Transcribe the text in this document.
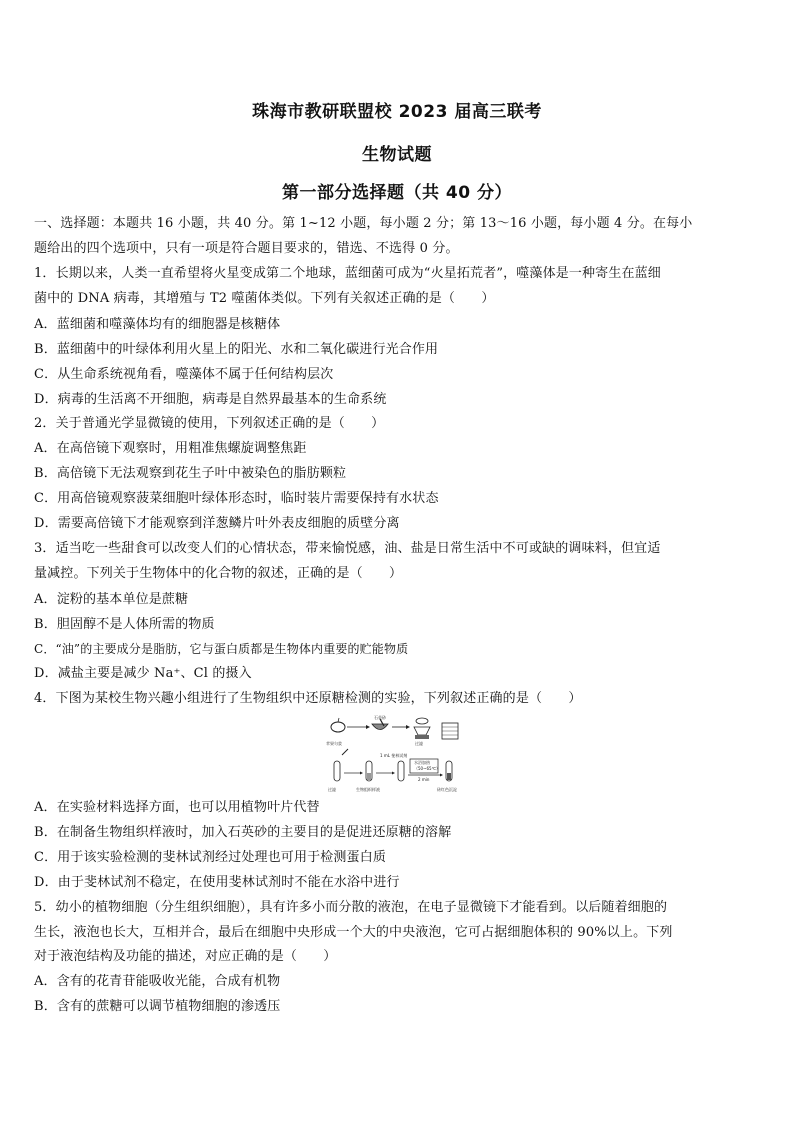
珠海市教研联盟校 2023 届高三联考
生物试题
第一部分选择题（共 40 分）
一、选择题：本题共 16 小题，共 40 分。第 1~12 小题，每小题 2 分；第 13～16 小题，每小题 4 分。在每小
题给出的四个选项中，只有一项是符合题目要求的，错选、不选得 0 分。
1．长期以来，人类一直希望将火星变成第二个地球，蓝细菌可成为“火星拓荒者”，噬藻体是一种寄生在蓝细
菌中的 DNA 病毒，其增殖与 T2 噬菌体类似。下列有关叙述正确的是（　　）
A．蓝细菌和噬藻体均有的细胞器是核糖体
B．蓝细菌中的叶绿体利用火星上的阳光、水和二氧化碳进行光合作用
C．从生命系统视角看，噬藻体不属于任何结构层次
D．病毒的生活离不开细胞，病毒是自然界最基本的生命系统
2．关于普通光学显微镜的使用，下列叙述正确的是（　　）
A．在高倍镜下观察时，用粗准焦螺旋调整焦距
B．高倍镜下无法观察到花生子叶中被染色的脂肪颗粒
C．用高倍镜观察菠菜细胞叶绿体形态时，临时装片需要保持有水状态
D．需要高倍镜下才能观察到洋葱鳞片叶外表皮细胞的质壁分离
3．适当吃一些甜食可以改变人们的心情状态，带来愉悦感，油、盐是日常生活中不可或缺的调味料，但宜适
量减控。下列关于生物体中的化合物的叙述，正确的是（　　）
A．淀粉的基本单位是蔗糖
B．胆固醇不是人体所需的物质
C．“油”的主要成分是脂肪，它与蛋白质都是生物体内重要的贮能物质
D．减盐主要是减少 Na⁺、Cl 的摄入
4．下图为某校生物兴趣小组进行了生物组织中还原糖检测的实验，下列叙述正确的是（　　）
苹果匀浆
石英砂
过滤
1 mL 斐林试剂
水浴加热
（50~65℃）
2 min
砖红色沉淀
过滤	生物组织样液
A．在实验材料选择方面，也可以用植物叶片代替
B．在制备生物组织样液时，加入石英砂的主要目的是促进还原糖的溶解
C．用于该实验检测的斐林试剂经过处理也可用于检测蛋白质
D．由于斐林试剂不稳定，在使用斐林试剂时不能在水浴中进行
5．幼小的植物细胞（分生组织细胞），具有许多小而分散的液泡，在电子显微镜下才能看到。以后随着细胞的
生长，液泡也长大，互相并合，最后在细胞中央形成一个大的中央液泡，它可占据细胞体积的 90%以上。下列
对于液泡结构及功能的描述，对应正确的是（　　）
A．含有的花青苷能吸收光能，合成有机物
B．含有的蔗糖可以调节植物细胞的渗透压
